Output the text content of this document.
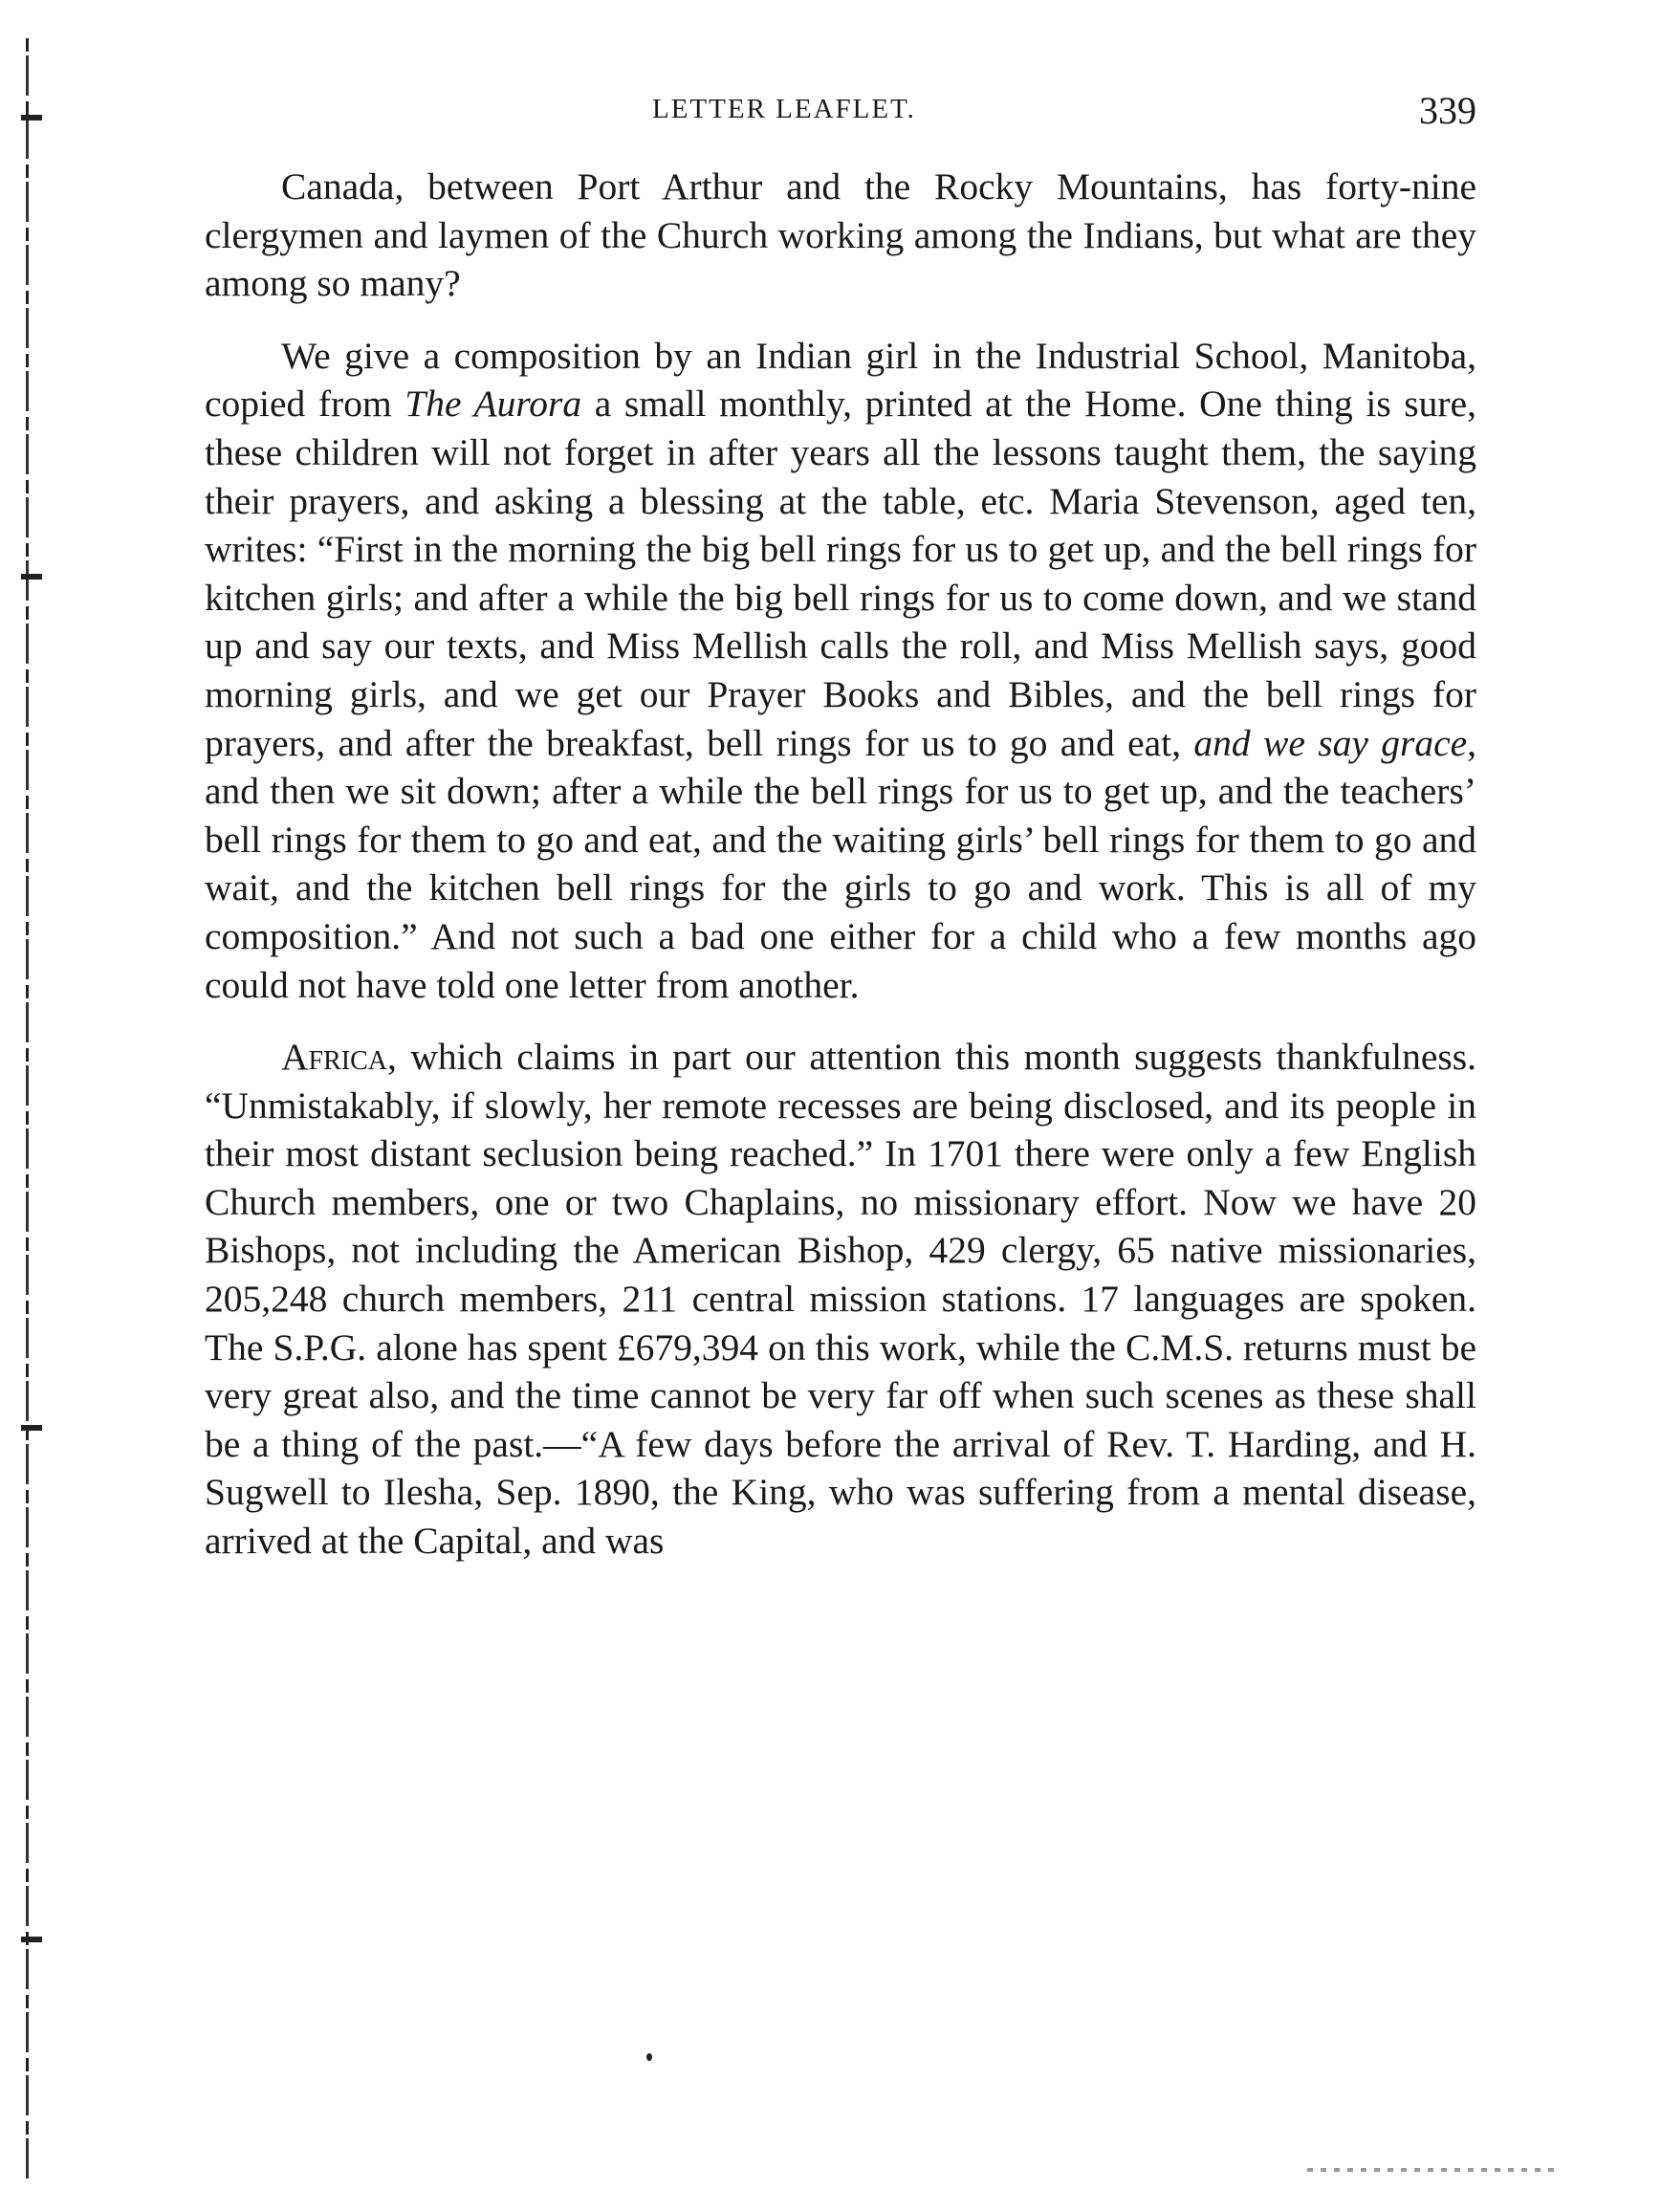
LETTER LEAFLET.	339

Canada, between Port Arthur and the Rocky Mountains, has forty-nine clergymen and laymen of the Church working among the Indians, but what are they among so many?

We give a composition by an Indian girl in the Industrial School, Manitoba, copied from The Aurora a small monthly, printed at the Home. One thing is sure, these children will not forget in after years all the lessons taught them, the saying their prayers, and asking a blessing at the table, etc. Maria Stevenson, aged ten, writes: “First in the morning the big bell rings for us to get up, and the bell rings for kitchen girls; and after a while the big bell rings for us to come down, and we stand up and say our texts, and Miss Mellish calls the roll, and Miss Mellish says, good morning girls, and we get our Prayer Books and Bibles, and the bell rings for prayers, and after the breakfast, bell rings for us to go and eat, and we say grace, and then we sit down; after a while the bell rings for us to get up, and the teachers’ bell rings for them to go and eat, and the waiting girls’ bell rings for them to go and wait, and the kitchen bell rings for the girls to go and work. This is all of my composition.” And not such a bad one either for a child who a few months ago could not have told one letter from another.

Africa, which claims in part our attention this month suggests thankfulness. “Unmistakably, if slowly, her remote recesses are being disclosed, and its people in their most distant seclusion being reached.” In 1701 there were only a few English Church members, one or two Chaplains, no missionary effort. Now we have 20 Bishops, not including the American Bishop, 429 clergy, 65 native missionaries, 205,248 church members, 211 central mission stations. 17 languages are spoken. The S.P.G. alone has spent £679,394 on this work, while the C.M.S. returns must be very great also, and the time cannot be very far off when such scenes as these shall be a thing of the past.—“A few days before the arrival of Rev. T. Harding, and H. Sugwell to Ilesha, Sep. 1890, the King, who was suffering from a mental disease, arrived at the Capital, and was
